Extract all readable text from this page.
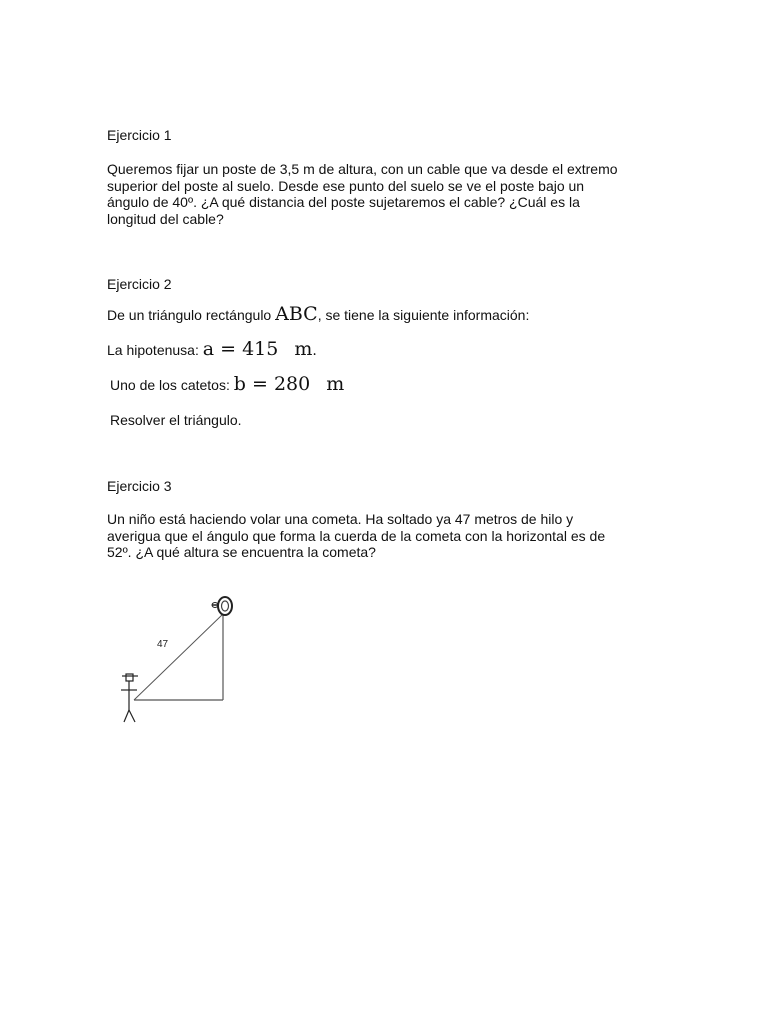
Ejercicio 1
Queremos fijar un poste de 3,5 m de altura, con un cable que va desde el extremo
superior del poste al suelo. Desde ese punto del suelo se ve el poste bajo un
ángulo de 40º. ¿A qué distancia del poste sujetaremos el cable? ¿Cuál es la
longitud del cable?
Ejercicio 2
De un triángulo rectángulo ABC, se tiene la siguiente información:
La hipotenusa: a = 415 m.
Uno de los catetos: b = 280 m
Resolver el triángulo.
Ejercicio 3
Un niño está haciendo volar una cometa. Ha soltado ya 47 metros de hilo y
averigua que el ángulo que forma la cuerda de la cometa con la horizontal es de
52º. ¿A qué altura se encuentra la cometa?
47
